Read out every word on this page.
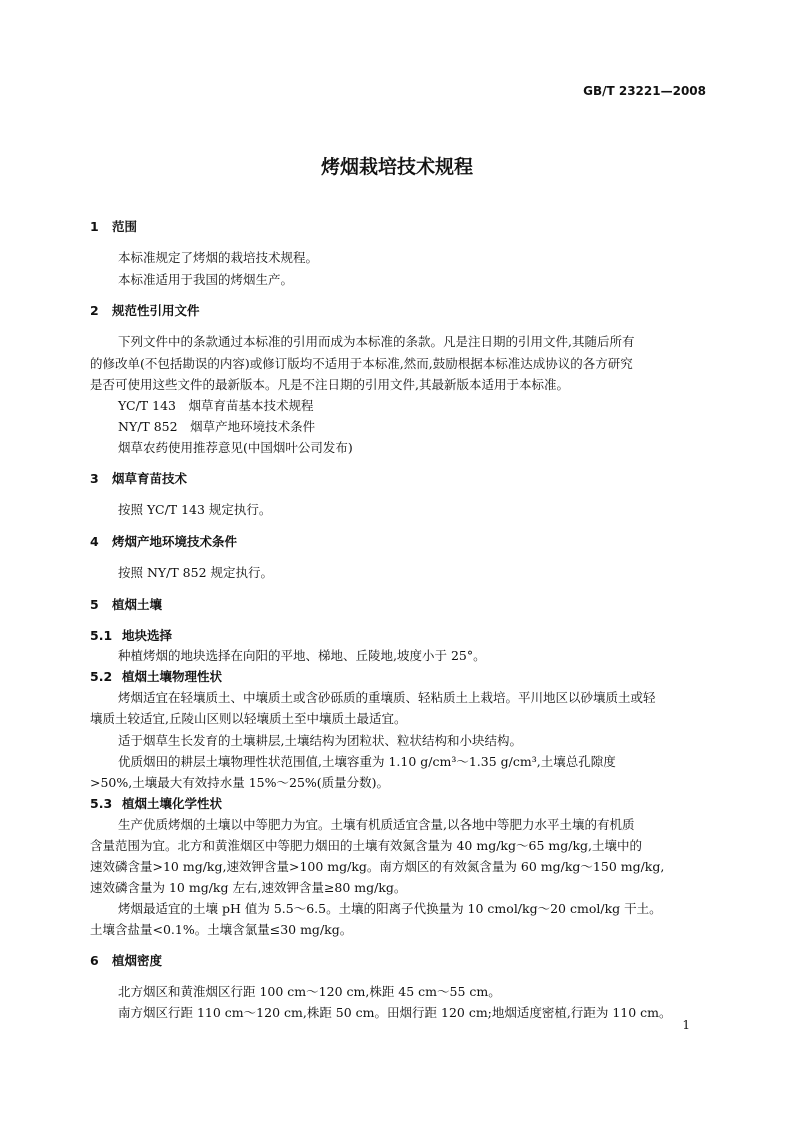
GB/T 23221—2008
烤烟栽培技术规程
1 范围
本标准规定了烤烟的栽培技术规程。
本标准适用于我国的烤烟生产。
2 规范性引用文件
下列文件中的条款通过本标准的引用而成为本标准的条款。凡是注日期的引用文件,其随后所有
的修改单(不包括勘误的内容)或修订版均不适用于本标准,然而,鼓励根据本标准达成协议的各方研究
是否可使用这些文件的最新版本。凡是不注日期的引用文件,其最新版本适用于本标准。
YC/T 143　烟草育苗基本技术规程
NY/T 852　烟草产地环境技术条件
烟草农药使用推荐意见(中国烟叶公司发布)
3 烟草育苗技术
按照 YC/T 143 规定执行。
4 烤烟产地环境技术条件
按照 NY/T 852 规定执行。
5 植烟土壤
5.1 地块选择
种植烤烟的地块选择在向阳的平地、梯地、丘陵地,坡度小于 25°。
5.2 植烟土壤物理性状
烤烟适宜在轻壤质土、中壤质土或含砂砾质的重壤质、轻粘质土上栽培。平川地区以砂壤质土或轻
壤质土较适宜,丘陵山区则以轻壤质土至中壤质土最适宜。
适于烟草生长发育的土壤耕层,土壤结构为团粒状、粒状结构和小块结构。
优质烟田的耕层土壤物理性状范围值,土壤容重为 1.10 g/cm³～1.35 g/cm³,土壤总孔隙度
>50%,土壤最大有效持水量 15%～25%(质量分数)。
5.3 植烟土壤化学性状
生产优质烤烟的土壤以中等肥力为宜。土壤有机质适宜含量,以各地中等肥力水平土壤的有机质
含量范围为宜。北方和黄淮烟区中等肥力烟田的土壤有效氮含量为 40 mg/kg～65 mg/kg,土壤中的
速效磷含量>10 mg/kg,速效钾含量>100 mg/kg。南方烟区的有效氮含量为 60 mg/kg～150 mg/kg,
速效磷含量为 10 mg/kg 左右,速效钾含量≥80 mg/kg。
烤烟最适宜的土壤 pH 值为 5.5～6.5。土壤的阳离子代换量为 10 cmol/kg～20 cmol/kg 干土。
土壤含盐量<0.1%。土壤含氯量≤30 mg/kg。
6 植烟密度
北方烟区和黄淮烟区行距 100 cm～120 cm,株距 45 cm～55 cm。
南方烟区行距 110 cm～120 cm,株距 50 cm。田烟行距 120 cm;地烟适度密植,行距为 110 cm。
1
